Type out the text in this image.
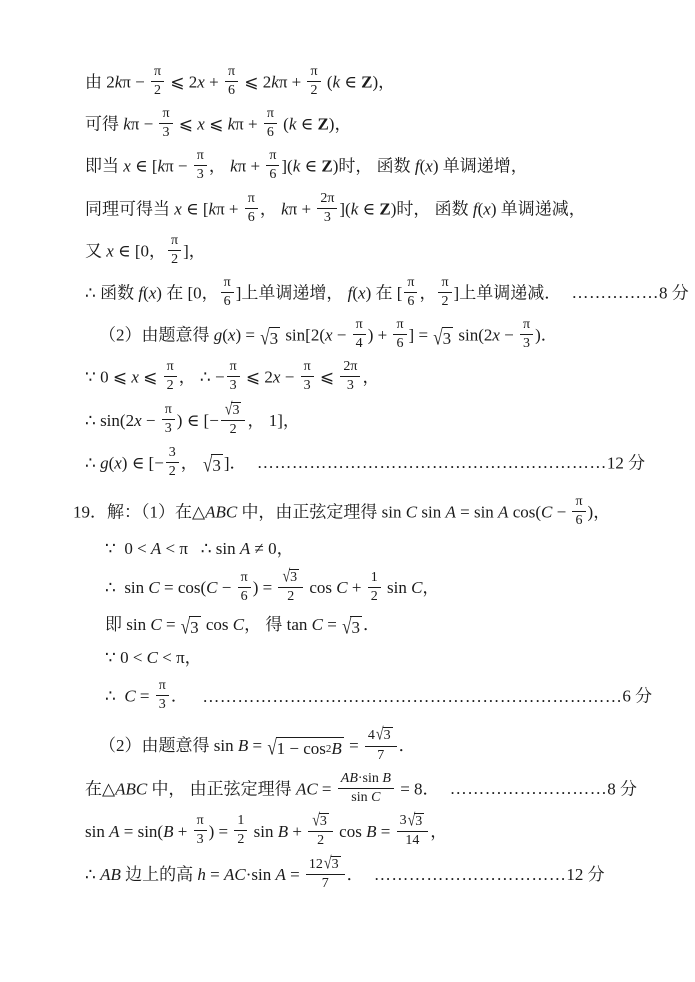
由 $2k\pi - \frac{\pi}{2}$ ⩽ $2x + \frac{\pi}{6}$ ⩽ $2k\pi + \frac{\pi}{2} (k$ ∈ Z)，
可得 $k\pi - \frac{\pi}{3}$ ⩽ x ⩽ $k\pi + \frac{\pi}{6} (k$ ∈ Z)，
即当 x ∈ [$k\pi - \frac{\pi}{3}$ ， $k\pi + \frac{\pi}{6} ](k$ ∈ Z)时， 函数 f(x) 单调递增，
同理可得当 x ∈ [$k\pi + \frac{\pi}{6}$ ， $k\pi + \frac{2\pi}{3} ](k$ ∈ Z)时， 函数 f(x) 单调递减，
又 x ∈ [0， $\frac{\pi}{2}$ ]，
∴ 函数 f(x) 在 [0， $\frac{\pi}{6}$ ]上单调递增， f(x) 在 [ $\frac{\pi}{6}$ ， $\frac{\pi}{2}$ ]上单调递减． ……………8 分
（2）由题意得 g(x) = √ 3 $\sin[2(x - \frac{\pi}{4}$ ) + $\frac{\pi}{6}$ ] = √ 3 $\sin(2x - \frac{\pi}{3}$ )．
∵ 0 ⩽ x ⩽ $\frac{\pi}{2}$ ， ∴ − $\frac{\pi}{3}$ ⩽ $2x - \frac{\pi}{3}$ ⩽ $\frac{2\pi}{3}$ ，
∴ $\sin(2x - \frac{\pi}{3}$ ) ∈ [− $\frac{√ 3}{2}$ ， 1]，
∴ g(x) ∈ [− $\frac{3}{2}$ ， √ 3 ]． ……………………………………………………12 分
19．解：（1）在△ABC 中，由正弦定理得 sin C sin A = sin A $\cos(C - \frac{\pi}{6}$ )，
∵  0 < A < π   ∴ sin A ≠ 0，
∴  $\sin C = \cos(C - \frac{\pi}{6}$ ) = $\frac{√ 3}{2}$ $\cos C + \frac{1}{2}$ sin C，
即 sin C = √ 3 cos C， 得 tan C = √ 3 ．
∵ 0 < C < π，
∴  $C = \frac{\pi}{3}$ ．  ………………………………………………………………6 分
（2）由题意得 sin B = √ 1 − cos 2 $B = \frac{4 √ 3}{7}$ ．
在△ABC 中， 由正弦定理得 AC = $\frac{\text{AB ·sin B}}{\text{sin C}} = 8$． ………………………8 分
$\sin A = \sin(B + \frac{\pi}{3}$ ) = $\frac{1}{2}$ $\sin B + \frac{√ 3}{2}$ $\cos B = \frac{3 √ 3}{14}$ ，
∴ AB 边上的高 h = AC·sin $A = \frac{12 √ 3}{7}$ ． ……………………………12 分
